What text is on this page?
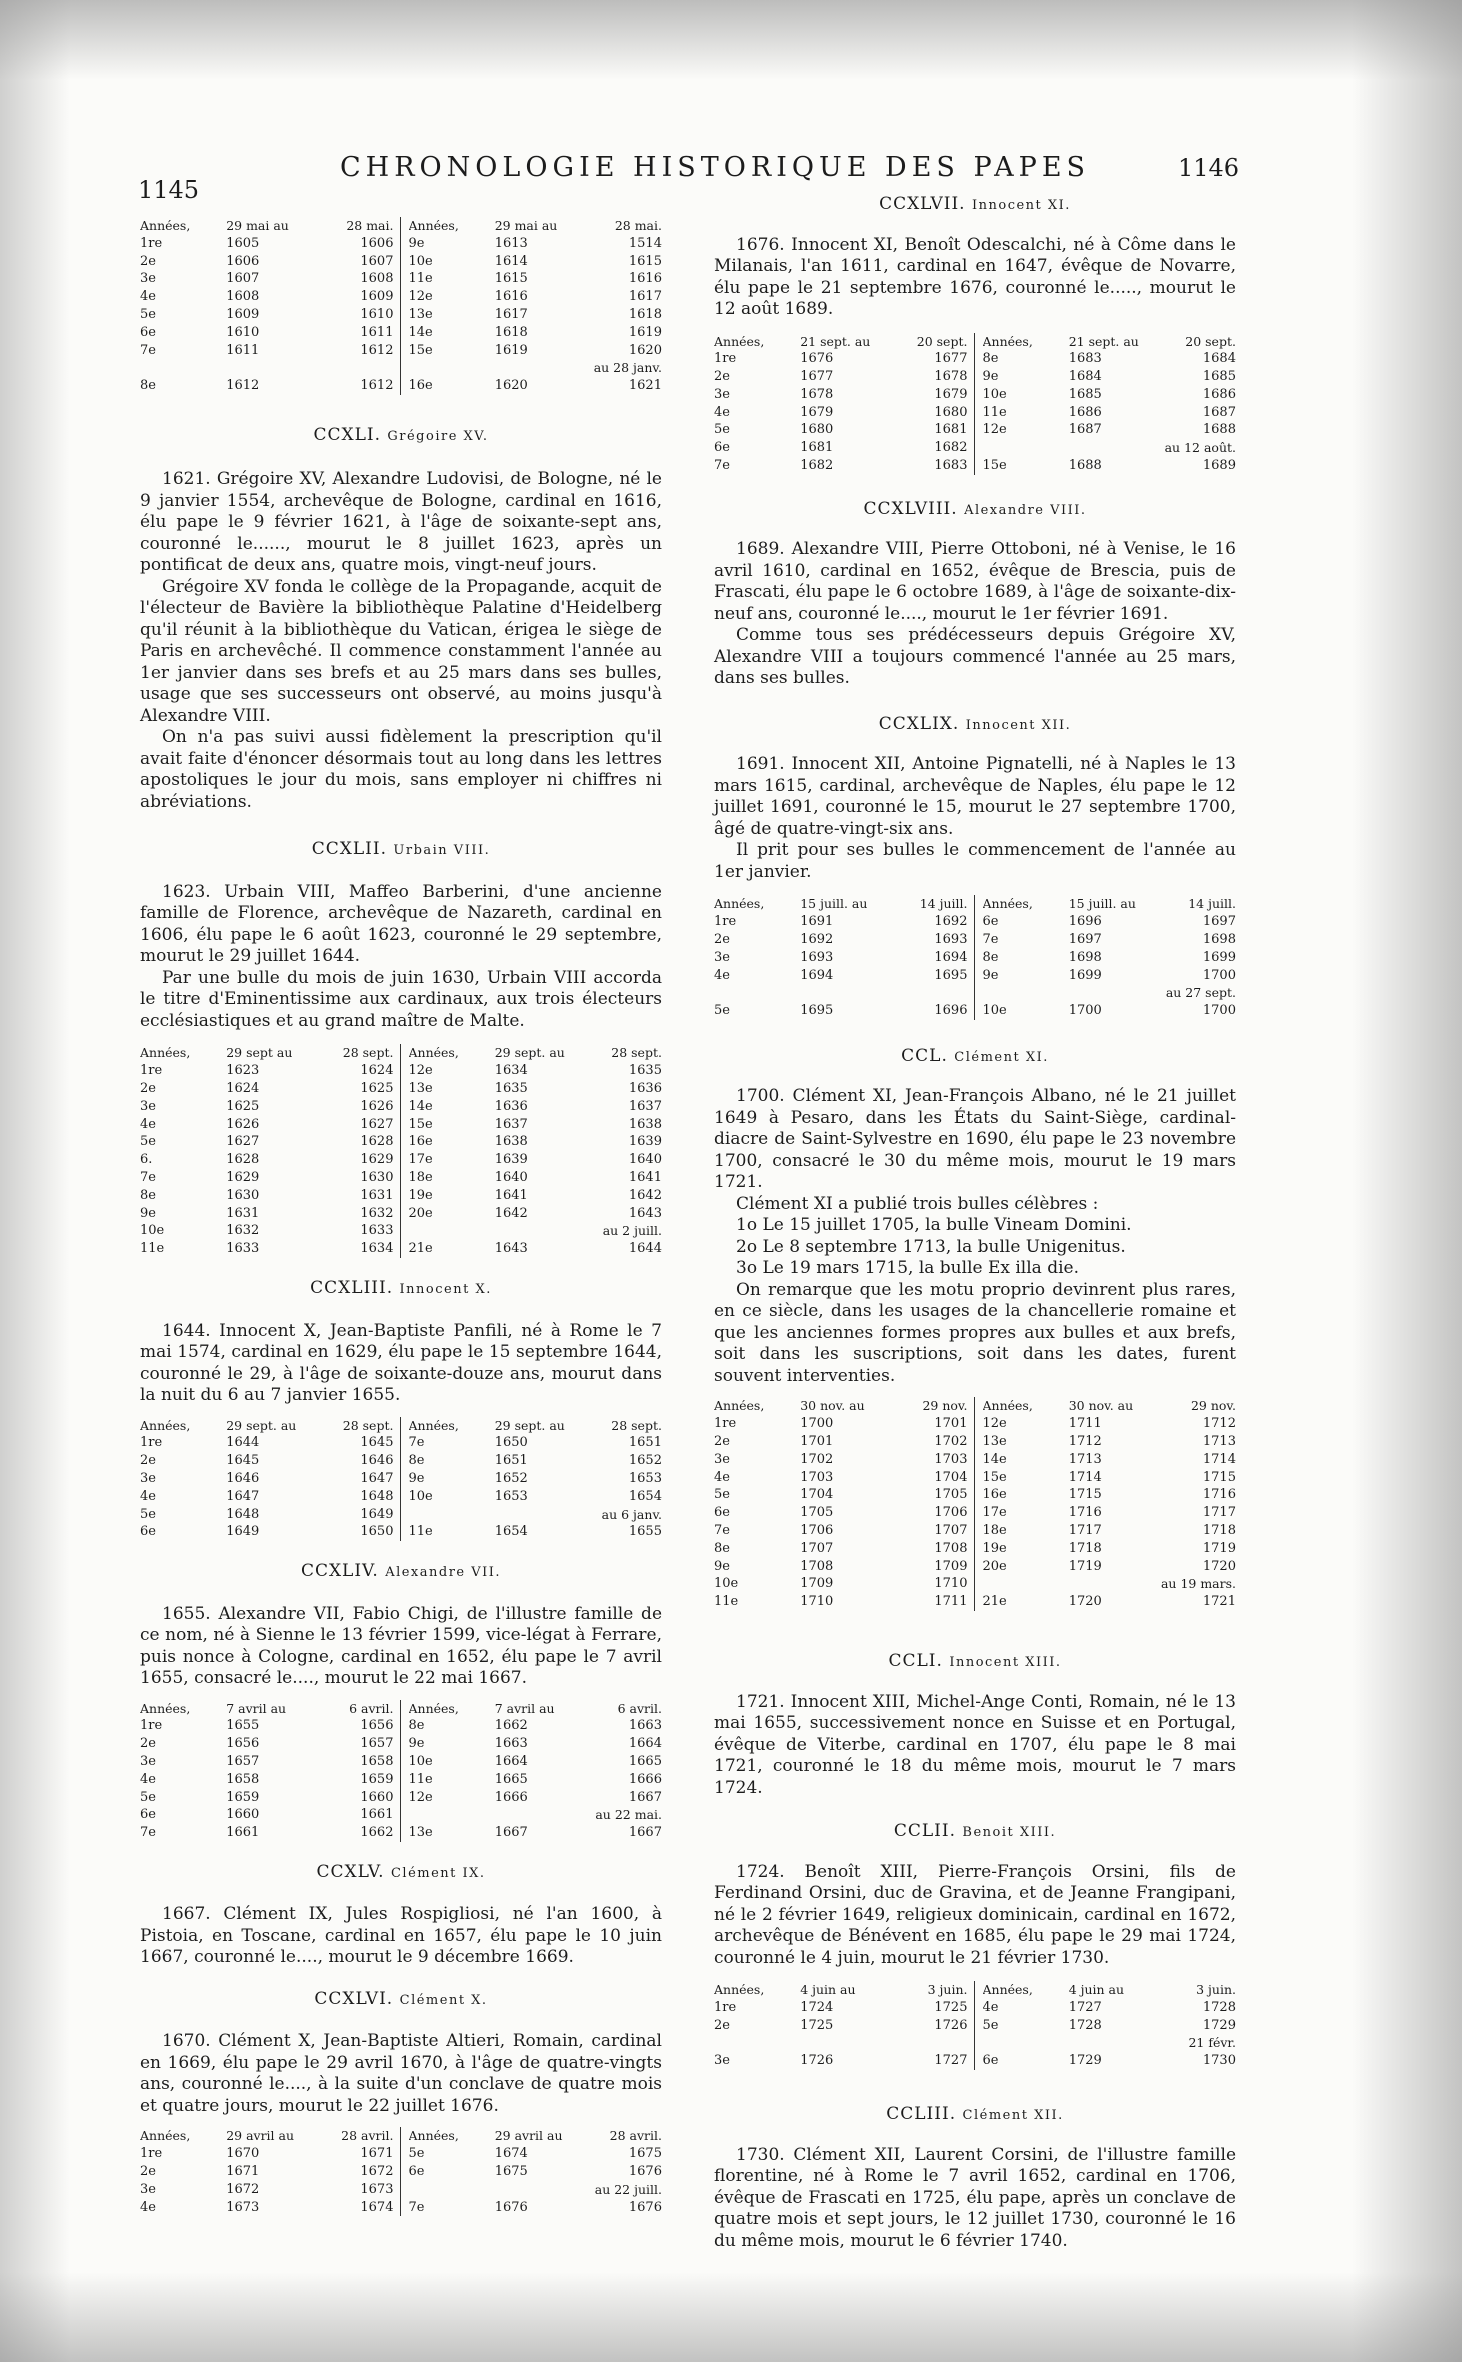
1145
CHRONOLOGIE HISTORIQUE DES PAPES	1146
Années,	29 mai au	28 mai.
1re	1605	1606
2e	1606	1607
3e	1607	1608
4e	1608	1609
5e	1609	1610
6e	1610	1611
7e	1611	1612

8e	1612	1612
Années,	29 mai au	28 mai.
9e	1613	1514
10e	1614	1615
11e	1615	1616
12e	1616	1617
13e	1617	1618
14e	1618	1619
15e	1619	1620
au 28 janv.
16e	1620	1621
CCXLI. Grégoire XV.

1621. Grégoire XV, Alexandre Ludovisi, de Bologne, né le 9 janvier 1554, archevêque de Bologne, cardinal en 1616, élu pape le 9 février 1621, à l'âge de soixante-sept ans, couronné le......, mourut le 8 juillet 1623, après un pontificat de deux ans, quatre mois, vingt-neuf jours.

Grégoire XV fonda le collège de la Propagande, acquit de l'électeur de Bavière la bibliothèque Palatine d'Heidelberg qu'il réunit à la bibliothèque du Vatican, érigea le siège de Paris en archevêché. Il commence constamment l'année au 1er janvier dans ses brefs et au 25 mars dans ses bulles, usage que ses successeurs ont observé, au moins jusqu'à Alexandre VIII.

On n'a pas suivi aussi fidèlement la prescription qu'il avait faite d'énoncer désormais tout au long dans les lettres apostoliques le jour du mois, sans employer ni chiffres ni abréviations.

CCXLII. Urbain VIII.

1623. Urbain VIII, Maffeo Barberini, d'une ancienne famille de Florence, archevêque de Nazareth, cardinal en 1606, élu pape le 6 août 1623, couronné le 29 septembre, mourut le 29 juillet 1644.

Par une bulle du mois de juin 1630, Urbain VIII accorda le titre d'Eminentissime aux cardinaux, aux trois électeurs ecclésiastiques et au grand maître de Malte.

Années,	29 sept au	28 sept.
1re	1623	1624
2e	1624	1625
3e	1625	1626
4e	1626	1627
5e	1627	1628
6.	1628	1629
7e	1629	1630
8e	1630	1631
9e	1631	1632
10e	1632	1633
11e	1633	1634
Années,	29 sept. au	28 sept.
12e	1634	1635
13e	1635	1636
14e	1636	1637
15e	1637	1638
16e	1638	1639
17e	1639	1640
18e	1640	1641
19e	1641	1642
20e	1642	1643
au 2 juill.
21e	1643	1644
CCXLIII. Innocent X.

1644. Innocent X, Jean-Baptiste Panfili, né à Rome le 7 mai 1574, cardinal en 1629, élu pape le 15 septembre 1644, couronné le 29, à l'âge de soixante-douze ans, mourut dans la nuit du 6 au 7 janvier 1655.

Années,	29 sept. au	28 sept.
1re	1644	1645
2e	1645	1646
3e	1646	1647
4e	1647	1648
5e	1648	1649
6e	1649	1650
Années,	29 sept. au	28 sept.
7e	1650	1651
8e	1651	1652
9e	1652	1653
10e	1653	1654
au 6 janv.
11e	1654	1655
CCXLIV. Alexandre VII.

1655. Alexandre VII, Fabio Chigi, de l'illustre famille de ce nom, né à Sienne le 13 février 1599, vice-légat à Ferrare, puis nonce à Cologne, cardinal en 1652, élu pape le 7 avril 1655, consacré le...., mourut le 22 mai 1667.

Années,	7 avril au	6 avril.
1re	1655	1656
2e	1656	1657
3e	1657	1658
4e	1658	1659
5e	1659	1660
6e	1660	1661
7e	1661	1662
Années,	7 avril au	6 avril.
8e	1662	1663
9e	1663	1664
10e	1664	1665
11e	1665	1666
12e	1666	1667
au 22 mai.
13e	1667	1667
CCXLV. Clément IX.

1667. Clément IX, Jules Rospigliosi, né l'an 1600, à Pistoia, en Toscane, cardinal en 1657, élu pape le 10 juin 1667, couronné le...., mourut le 9 décembre 1669.

CCXLVI. Clément X.

1670. Clément X, Jean-Baptiste Altieri, Romain, cardinal en 1669, élu pape le 29 avril 1670, à l'âge de quatre-vingts ans, couronné le...., à la suite d'un conclave de quatre mois et quatre jours, mourut le 22 juillet 1676.

Années,	29 avril au	28 avril.
1re	1670	1671
2e	1671	1672
3e	1672	1673
4e	1673	1674
Années,	29 avril au	28 avril.
5e	1674	1675
6e	1675	1676
au 22 juill.
7e	1676	1676
CCXLVII. Innocent XI.

1676. Innocent XI, Benoît Odescalchi, né à Côme dans le Milanais, l'an 1611, cardinal en 1647, évêque de Novarre, élu pape le 21 septembre 1676, couronné le....., mourut le 12 août 1689.

Années,	21 sept. au	20 sept.
1re	1676	1677
2e	1677	1678
3e	1678	1679
4e	1679	1680
5e	1680	1681
6e	1681	1682
7e	1682	1683
Années,	21 sept. au	20 sept.
8e	1683	1684
9e	1684	1685
10e	1685	1686
11e	1686	1687
12e	1687	1688
au 12 août.
15e	1688	1689
CCXLVIII. Alexandre VIII.

1689. Alexandre VIII, Pierre Ottoboni, né à Venise, le 16 avril 1610, cardinal en 1652, évêque de Brescia, puis de Frascati, élu pape le 6 octobre 1689, à l'âge de soixante-dix-neuf ans, couronné le...., mourut le 1er février 1691.

Comme tous ses prédécesseurs depuis Grégoire XV, Alexandre VIII a toujours commencé l'année au 25 mars, dans ses bulles.

CCXLIX. Innocent XII.

1691. Innocent XII, Antoine Pignatelli, né à Naples le 13 mars 1615, cardinal, archevêque de Naples, élu pape le 12 juillet 1691, couronné le 15, mourut le 27 septembre 1700, âgé de quatre-vingt-six ans.

Il prit pour ses bulles le commencement de l'année au 1er janvier.

Années,	15 juill. au	14 juill.
1re	1691	1692
2e	1692	1693
3e	1693	1694
4e	1694	1695

5e	1695	1696
Années,	15 juill. au	14 juill.
6e	1696	1697
7e	1697	1698
8e	1698	1699
9e	1699	1700
au 27 sept.
10e	1700	1700
CCL. Clément XI.

1700. Clément XI, Jean-François Albano, né le 21 juillet 1649 à Pesaro, dans les États du Saint-Siège, cardinal-diacre de Saint-Sylvestre en 1690, élu pape le 23 novembre 1700, consacré le 30 du même mois, mourut le 19 mars 1721.

Clément XI a publié trois bulles célèbres :

1o Le 15 juillet 1705, la bulle Vineam Domini.

2o Le 8 septembre 1713, la bulle Unigenitus.

3o Le 19 mars 1715, la bulle Ex illa die.

On remarque que les motu proprio devinrent plus rares, en ce siècle, dans les usages de la chancellerie romaine et que les anciennes formes propres aux bulles et aux brefs, soit dans les suscriptions, soit dans les dates, furent souvent interventies.

Années,	30 nov. au	29 nov.
1re	1700	1701
2e	1701	1702
3e	1702	1703
4e	1703	1704
5e	1704	1705
6e	1705	1706
7e	1706	1707
8e	1707	1708
9e	1708	1709
10e	1709	1710
11e	1710	1711
Années,	30 nov. au	29 nov.
12e	1711	1712
13e	1712	1713
14e	1713	1714
15e	1714	1715
16e	1715	1716
17e	1716	1717
18e	1717	1718
19e	1718	1719
20e	1719	1720
au 19 mars.
21e	1720	1721
CCLI. Innocent XIII.

1721. Innocent XIII, Michel-Ange Conti, Romain, né le 13 mai 1655, successivement nonce en Suisse et en Portugal, évêque de Viterbe, cardinal en 1707, élu pape le 8 mai 1721, couronné le 18 du même mois, mourut le 7 mars 1724.

CCLII. Benoit XIII.

1724. Benoît XIII, Pierre-François Orsini, fils de Ferdinand Orsini, duc de Gravina, et de Jeanne Frangipani, né le 2 février 1649, religieux dominicain, cardinal en 1672, archevêque de Bénévent en 1685, élu pape le 29 mai 1724, couronné le 4 juin, mourut le 21 février 1730.

Années,	4 juin au	3 juin.
1re	1724	1725
2e	1725	1726

3e	1726	1727
Années,	4 juin au	3 juin.
4e	1727	1728
5e	1728	1729
21 févr.
6e	1729	1730
CCLIII. Clément XII.

1730. Clément XII, Laurent Corsini, de l'illustre famille florentine, né à Rome le 7 avril 1652, cardinal en 1706, évêque de Frascati en 1725, élu pape, après un conclave de quatre mois et sept jours, le 12 juillet 1730, couronné le 16 du même mois, mourut le 6 février 1740.
